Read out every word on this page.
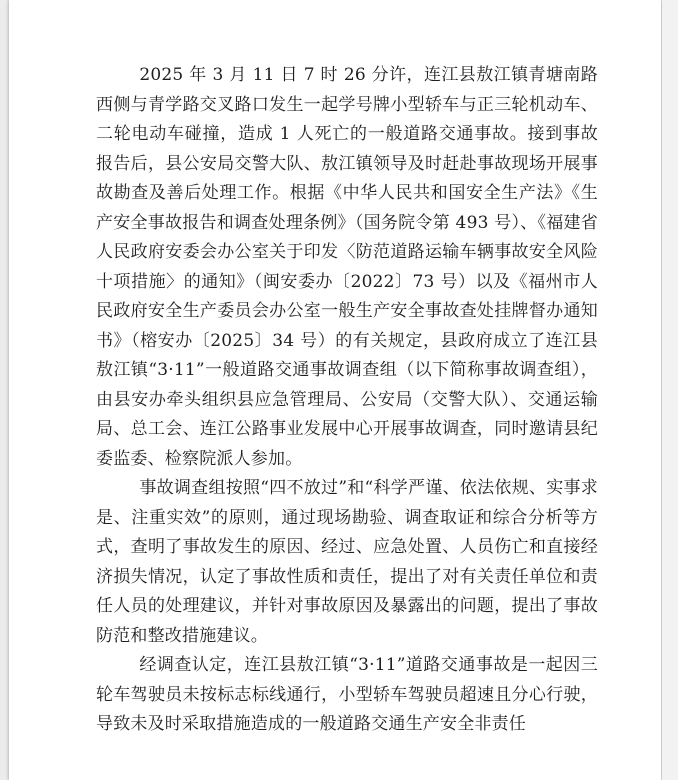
2025 年 3 月 11 日 7 时 26 分许，连江县敖江镇青塘南路西侧与青学路交叉路口发生一起学号牌小型轿车与正三轮机动车、二轮电动车碰撞，造成 1 人死亡的一般道路交通事故。接到事故报告后，县公安局交警大队、敖江镇领导及时赶赴事故现场开展事故勘查及善后处理工作。根据《中华人民共和国安全生产法》《生产安全事故报告和调查处理条例》（国务院令第 493 号）、《福建省人民政府安委会办公室关于印发〈防范道路运输车辆事故安全风险十项措施〉的通知》（闽安委办〔2022〕73 号）以及《福州市人民政府安全生产委员会办公室一般生产安全事故查处挂牌督办通知书》（榕安办〔2025〕34 号）的有关规定，县政府成立了连江县敖江镇“3·11”一般道路交通事故调查组（以下简称事故调查组），由县安办牵头组织县应急管理局、公安局（交警大队）、交通运输局、总工会、连江公路事业发展中心开展事故调查，同时邀请县纪委监委、检察院派人参加。

事故调查组按照“四不放过”和“科学严谨、依法依规、实事求是、注重实效”的原则，通过现场勘验、调查取证和综合分析等方式，查明了事故发生的原因、经过、应急处置、人员伤亡和直接经济损失情况，认定了事故性质和责任，提出了对有关责任单位和责任人员的处理建议，并针对事故原因及暴露出的问题，提出了事故防范和整改措施建议。

经调查认定，连江县敖江镇“3·11”道路交通事故是一起因三轮车驾驶员未按标志标线通行，小型轿车驾驶员超速且分心行驶，导致未及时采取措施造成的一般道路交通生产安全非责任
